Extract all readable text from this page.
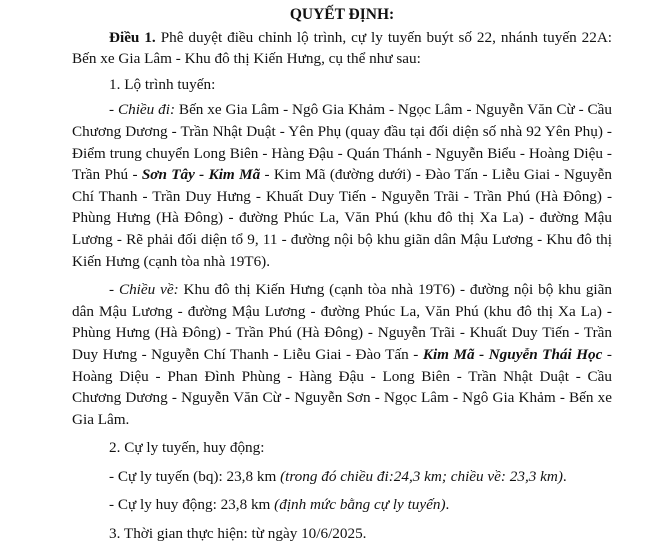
QUYẾT ĐỊNH:

Điều 1. Phê duyệt điều chỉnh lộ trình, cự ly tuyến buýt số 22, nhánh tuyến 22A: Bến xe Gia Lâm - Khu đô thị Kiến Hưng, cụ thể như sau:

1. Lộ trình tuyến:

- Chiều đi: Bến xe Gia Lâm - Ngô Gia Khảm - Ngọc Lâm - Nguyễn Văn Cừ - Cầu Chương Dương - Trần Nhật Duật - Yên Phụ (quay đầu tại đối diện số nhà 92 Yên Phụ) - Điểm trung chuyển Long Biên - Hàng Đậu - Quán Thánh - Nguyễn Biểu - Hoàng Diệu - Trần Phú - Sơn Tây - Kim Mã - Kim Mã (đường dưới) - Đào Tấn - Liễu Giai - Nguyễn Chí Thanh - Trần Duy Hưng - Khuất Duy Tiến - Nguyễn Trãi - Trần Phú (Hà Đông) - Phùng Hưng (Hà Đông) - đường Phúc La, Văn Phú (khu đô thị Xa La) - đường Mậu Lương - Rẽ phải đối diện tổ 9, 11 - đường nội bộ khu giãn dân Mậu Lương - Khu đô thị Kiến Hưng (cạnh tòa nhà 19T6).

- Chiều về: Khu đô thị Kiến Hưng (cạnh tòa nhà 19T6) - đường nội bộ khu giãn dân Mậu Lương - đường Mậu Lương - đường Phúc La, Văn Phú (khu đô thị Xa La) - Phùng Hưng (Hà Đông) - Trần Phú (Hà Đông) - Nguyễn Trãi - Khuất Duy Tiến - Trần Duy Hưng - Nguyễn Chí Thanh - Liễu Giai - Đào Tấn - Kim Mã - Nguyễn Thái Học - Hoàng Diệu - Phan Đình Phùng - Hàng Đậu - Long Biên - Trần Nhật Duật - Cầu Chương Dương - Nguyễn Văn Cừ - Nguyễn Sơn - Ngọc Lâm - Ngô Gia Khảm - Bến xe Gia Lâm.

2. Cự ly tuyến, huy động:

- Cự ly tuyến (bq): 23,8 km (trong đó chiều đi:24,3 km; chiều về: 23,3 km).

- Cự ly huy động: 23,8 km (định mức bằng cự ly tuyến).

3. Thời gian thực hiện: từ ngày 10/6/2025.
